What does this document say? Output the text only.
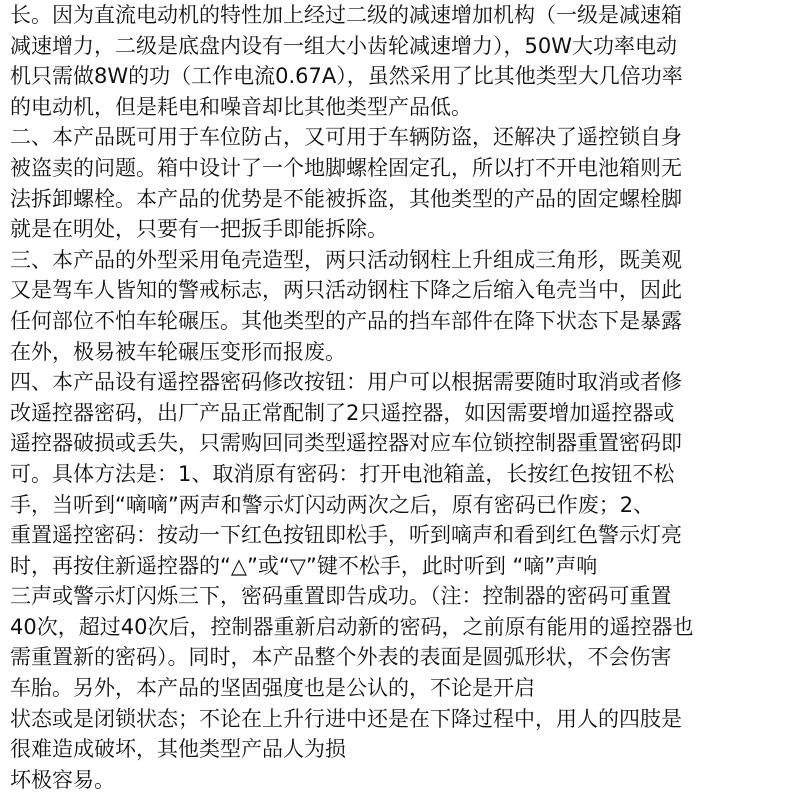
长。因为直流电动机的特性加上经过二级的减速增加机构（一级是减速箱
减速增力，二级是底盘内设有一组大小齿轮减速增力），50W大功率电动
机只需做8W的功（工作电流0.67A），虽然采用了比其他类型大几倍功率
的电动机，但是耗电和噪音却比其他类型产品低。
二、本产品既可用于车位防占，又可用于车辆防盗，还解决了遥控锁自身
被盗卖的问题。箱中设计了一个地脚螺栓固定孔，所以打不开电池箱则无
法拆卸螺栓。本产品的优势是不能被拆盗，其他类型的产品的固定螺栓脚
就是在明处，只要有一把扳手即能拆除。
三、本产品的外型采用龟壳造型，两只活动钢柱上升组成三角形，既美观
又是驾车人皆知的警戒标志，两只活动钢柱下降之后缩入龟壳当中，因此
任何部位不怕车轮碾压。其他类型的产品的挡车部件在降下状态下是暴露
在外，极易被车轮碾压变形而报废。
四、本产品设有遥控器密码修改按钮：用户可以根据需要随时取消或者修
改遥控器密码，出厂产品正常配制了2只遥控器，如因需要增加遥控器或
遥控器破损或丢失，只需购回同类型遥控器对应车位锁控制器重置密码即
可。具体方法是：1、取消原有密码：打开电池箱盖，长按红色按钮不松
手，当听到“嘀嘀”两声和警示灯闪动两次之后，原有密码已作废；2、
重置遥控密码：按动一下红色按钮即松手，听到嘀声和看到红色警示灯亮
时，再按住新遥控器的“△”或“▽”键不松手，此时听到 “嘀”声响
三声或警示灯闪烁三下，密码重置即告成功。（注：控制器的密码可重置
40次，超过40次后，控制器重新启动新的密码，之前原有能用的遥控器也
需重置新的密码）。同时，本产品整个外表的表面是圆弧形状，不会伤害
车胎。另外，本产品的坚固强度也是公认的，不论是开启
状态或是闭锁状态；不论在上升行进中还是在下降过程中，用人的四肢是
很难造成破坏，其他类型产品人为损
坏极容易。
